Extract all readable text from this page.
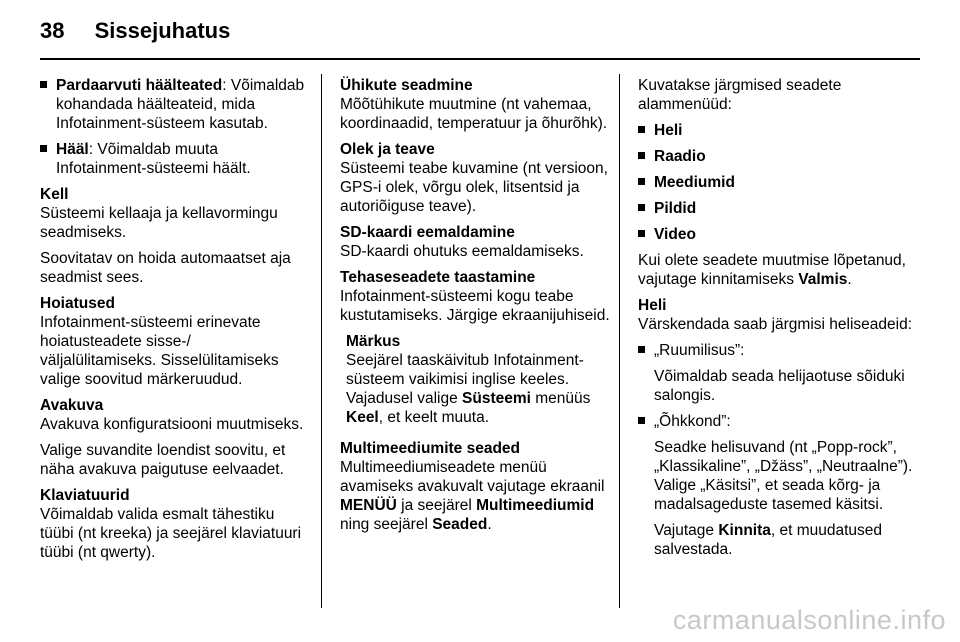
38 Sissejuhatus
Pardaarvuti häälteated: Võimaldab kohandada häälteateid, mida Infotainment-süsteem kasutab.
Hääl: Võimaldab muuta Infotainment-süsteemi häält.

Kell

Süsteemi kellaaja ja kellavormingu seadmiseks.

Soovitatav on hoida automaatset aja seadmist sees.

Hoiatused

Infotainment-süsteemi erinevate hoiatusteadete sisse-/ väljalülitamiseks. Sisselülitamiseks valige soovitud märkeruudud.

Avakuva

Avakuva konfiguratsiooni muutmiseks.

Valige suvandite loendist soovitu, et näha avakuva paigutuse eelvaadet.

Klaviatuurid

Võimaldab valida esmalt tähestiku tüübi (nt kreeka) ja seejärel klaviatuuri tüübi (nt qwerty).

Ühikute seadmine

Mõõtühikute muutmine (nt vahemaa, koordinaadid, temperatuur ja õhurõhk).

Olek ja teave

Süsteemi teabe kuvamine (nt versioon, GPS-i olek, võrgu olek, litsentsid ja autoriõiguse teave).

SD-kaardi eemaldamine

SD-kaardi ohutuks eemaldamiseks.

Tehaseseadete taastamine

Infotainment-süsteemi kogu teabe kustutamiseks. Järgige ekraanijuhiseid.

Märkus

Seejärel taaskäivitub Infotainment-süsteem vaikimisi inglise keeles. Vajadusel valige Süsteemi menüüs Keel, et keelt muuta.

Multimeediumite seaded

Multimeediumiseadete menüü avamiseks avakuvalt vajutage ekraanil MENÜÜ ja seejärel Multimeediumid ning seejärel Seaded.

Kuvatakse järgmised seadete alammenüüd:

Heli
Raadio
Meediumid
Pildid
Video

Kui olete seadete muutmise lõpetanud, vajutage kinnitamiseks Valmis.

Heli

Värskendada saab järgmisi heliseadeid:

„Ruumilisus”:

Võimaldab seada helijaotuse sõiduki salongis.

„Õhkkond”:

Seadke helisuvand (nt „Popp-rock”, „Klassikaline”, „Džäss”, „Neutraalne”). Valige „Käsitsi”, et seada kõrg- ja madalsageduste tasemed käsitsi.

Vajutage Kinnita, et muudatused salvestada.

carmanualsonline.info
